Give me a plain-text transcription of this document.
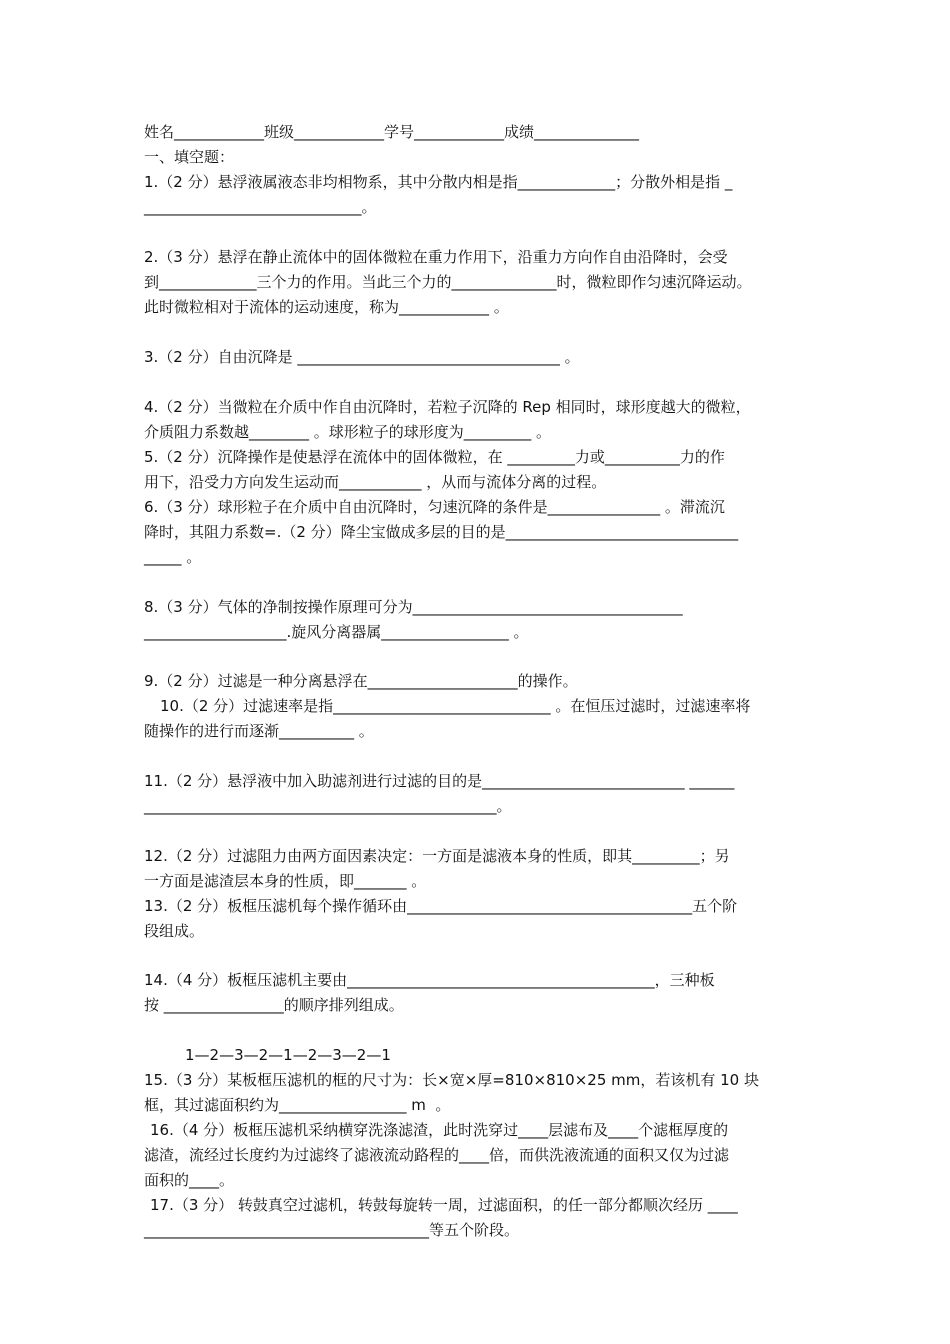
姓名____________班级____________学号____________成绩______________
一、填空题：
1.（2 分）悬浮液属液态非均相物系，其中分散内相是指_____________；分散外相是指 _
_____________________________。
2.（3 分）悬浮在静止流体中的固体微粒在重力作用下，沿重力方向作自由沿降时，会受
到_____________三个力的作用。当此三个力的______________时，微粒即作匀速沉降运动。
此时微粒相对于流体的运动速度，称为____________ 。
3.（2 分）自由沉降是 ___________________________________ 。
4.（2 分）当微粒在介质中作自由沉降时，若粒子沉降的 Rep 相同时，球形度越大的微粒，
介质阻力系数越________ 。球形粒子的球形度为_________ 。
5.（2 分）沉降操作是使悬浮在流体中的固体微粒，在 _________力或__________力的作
用下，沿受力方向发生运动而___________ ，从而与流体分离的过程。
6.（3 分）球形粒子在介质中自由沉降时，匀速沉降的条件是_______________ 。滞流沉
降时，其阻力系数=.（2 分）降尘宝做成多层的目的是_______________________________
_____ 。
8.（3 分）气体的净制按操作原理可分为____________________________________
___________________.旋风分离器属_________________ 。
9.（2 分）过滤是一种分离悬浮在____________________的操作。
10.（2 分）过滤速率是指_____________________________ 。在恒压过滤时，过滤速率将
随操作的进行而逐渐__________ 。
11.（2 分）悬浮液中加入助滤剂进行过滤的目的是___________________________ ______
_______________________________________________。
12.（2 分）过滤阻力由两方面因素决定：一方面是滤液本身的性质，即其_________；另
一方面是滤渣层本身的性质，即_______ 。
13.（2 分）板框压滤机每个操作循环由______________________________________五个阶
段组成。
14.（4 分）板框压滤机主要由_________________________________________，三种板
按 ________________的顺序排列组成。
1—2—3—2—1—2—3—2—1
15.（3 分）某板框压滤机的框的尺寸为：长×宽×厚=810×810×25 mm，若该机有 10 块
框，其过滤面积约为_________________ m  。
16.（4 分）板框压滤机采纳横穿洗涤滤渣，此时洗穿过____层滤布及____个滤框厚度的
滤渣，流经过长度约为过滤终了滤液流动路程的____倍，而供洗液流通的面积又仅为过滤
面积的____。
17.（3 分） 转鼓真空过滤机，转鼓每旋转一周，过滤面积，的任一部分都顺次经历 ____
______________________________________等五个阶段。
